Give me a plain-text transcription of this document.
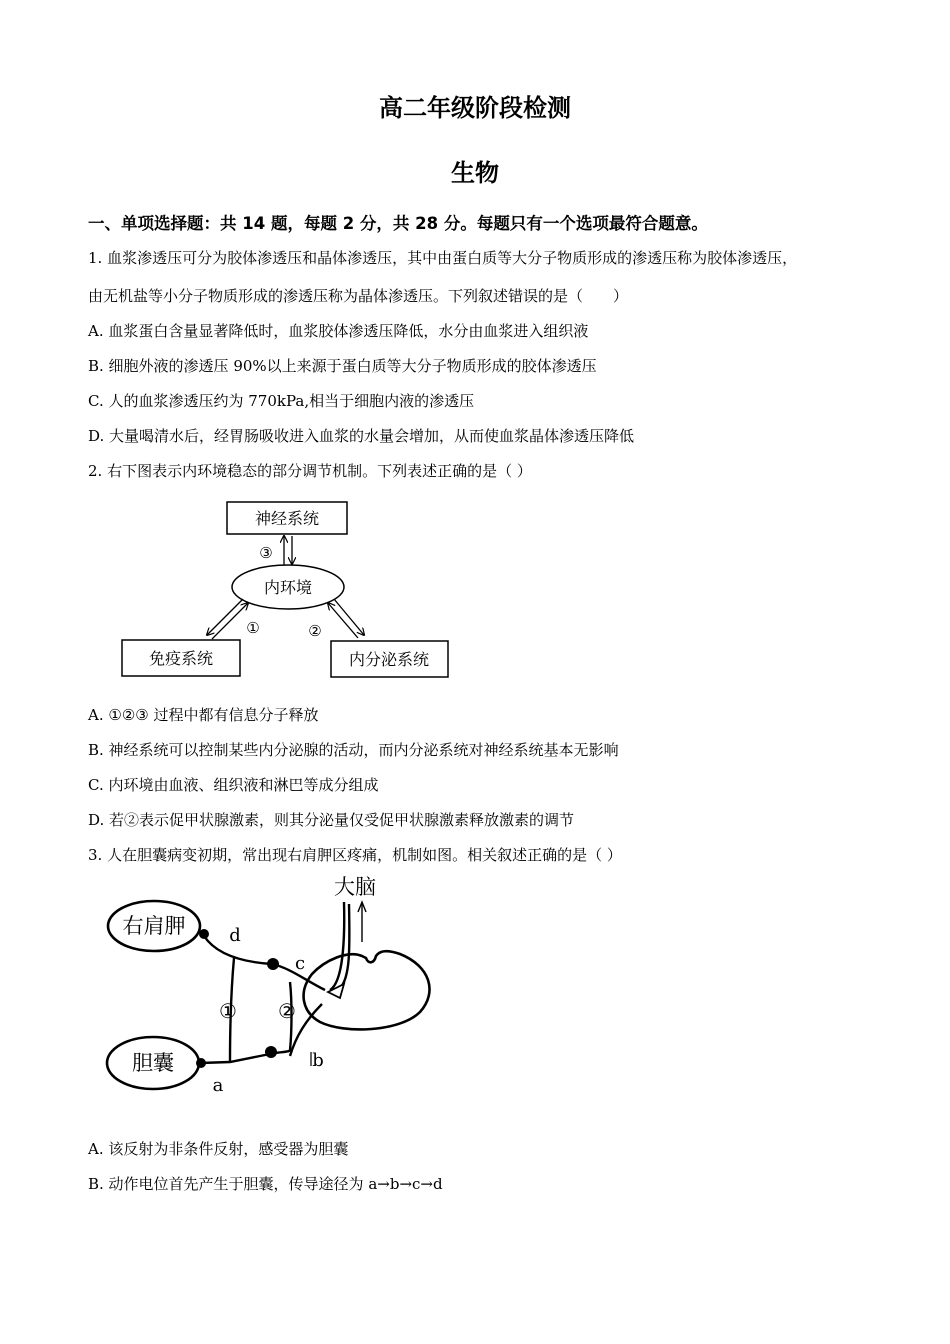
高二年级阶段检测
生物
一、单项选择题：共 14 题，每题 2 分，共 28 分。每题只有一个选项最符合题意。
1. 血浆渗透压可分为胶体渗透压和晶体渗透压，其中由蛋白质等大分子物质形成的渗透压称为胶体渗透压，
由无机盐等小分子物质形成的渗透压称为晶体渗透压。下列叙述错误的是（　　）
A. 血浆蛋白含量显著降低时，血浆胶体渗透压降低，水分由血浆进入组织液
B. 细胞外液的渗透压 90%以上来源于蛋白质等大分子物质形成的胶体渗透压
C. 人的血浆渗透压约为 770kPa,相当于细胞内液的渗透压
D. 大量喝清水后，经胃肠吸收进入血浆的水量会增加，从而使血浆晶体渗透压降低
2. 右下图表示内环境稳态的部分调节机制。下列表述正确的是（ ）
神经系统
内环境
免疫系统	内分泌系统
③
①	②
A. ①②③ 过程中都有信息分子释放
B. 神经系统可以控制某些内分泌腺的活动，而内分泌系统对神经系统基本无影响
C. 内环境由血液、组织液和淋巴等成分组成
D. 若②表示促甲状腺激素，则其分泌量仅受促甲状腺激素释放激素的调节
3. 人在胆囊病变初期，常出现右肩胛区疼痛，机制如图。相关叙述正确的是（ ）
大脑
右肩胛
胆囊
d
c
① ②
b
a
A. 该反射为非条件反射，感受器为胆囊
B. 动作电位首先产生于胆囊，传导途径为 a→b→c→d
